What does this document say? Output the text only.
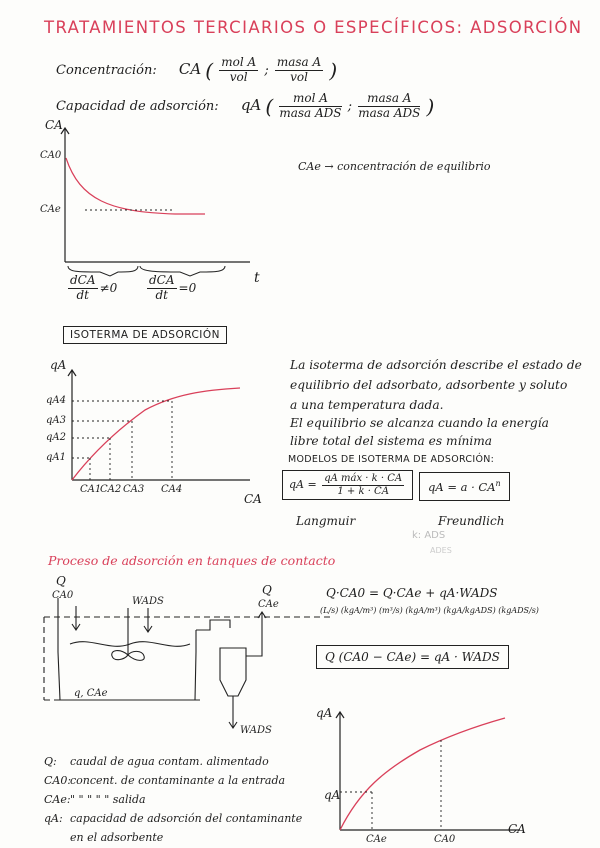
TRATAMIENTOS TERCIARIOS O ESPECÍFICOS: ADSORCIÓN
Concentración: CA ( $\frac{\text{mol A}}{\text{vol}}$ ; $\frac{\text{masa A}}{\text{vol}}$ )
Capacidad de adsorción: qA ( $\frac{\text{mol A}}{\text{masa ADS}}$ ; $\frac{\text{masa A}}{\text{masa ADS}}$ )
CA
CA0
CAe
t
$\frac{\text{dCA}}{dt} \ne 0 \frac{\text{dCA}}{dt} =0$
CAe → concentración de equilibrio
ISOTERMA DE ADSORCIÓN
qA
qA4
qA3
qA2
qA1
CA1
CA2 CA3 CA4
CA
La isoterma de adsorción describe el estado de
equilibrio del adsorbato, adsorbente y soluto
a una temperatura dada.
El equilibrio se alcanza cuando la energía
libre total del sistema es mínima
MODELOS DE ISOTERMA DE ADSORCIÓN:
qA = $\frac{\text{qA máx · k · CA}}{1 + k \cdot CA}$	qA = $a \cdot CA^n$
Langmuir	Freundlich
k: ADS
ADES
Proceso de adsorción en tanques de contacto
Q
CA0
WADS
Q
CAe
q, CAe
WADS
Q·CA0 = Q·CAe + qA·WADS
(L/s) (kgA/m³) (m³/s) (kgA/m³) (kgA/kgADS) (kgADS/s)
Q (CA0 − CAe) = qA · WADS
qA
qA
CAe	CA0
CA
Q: caudal de agua contam. alimentado
CA0:concent. de contaminante a la entrada
CAe:" " " " " salida
qA: capacidad de adsorción del contaminante
en el adsorbente
